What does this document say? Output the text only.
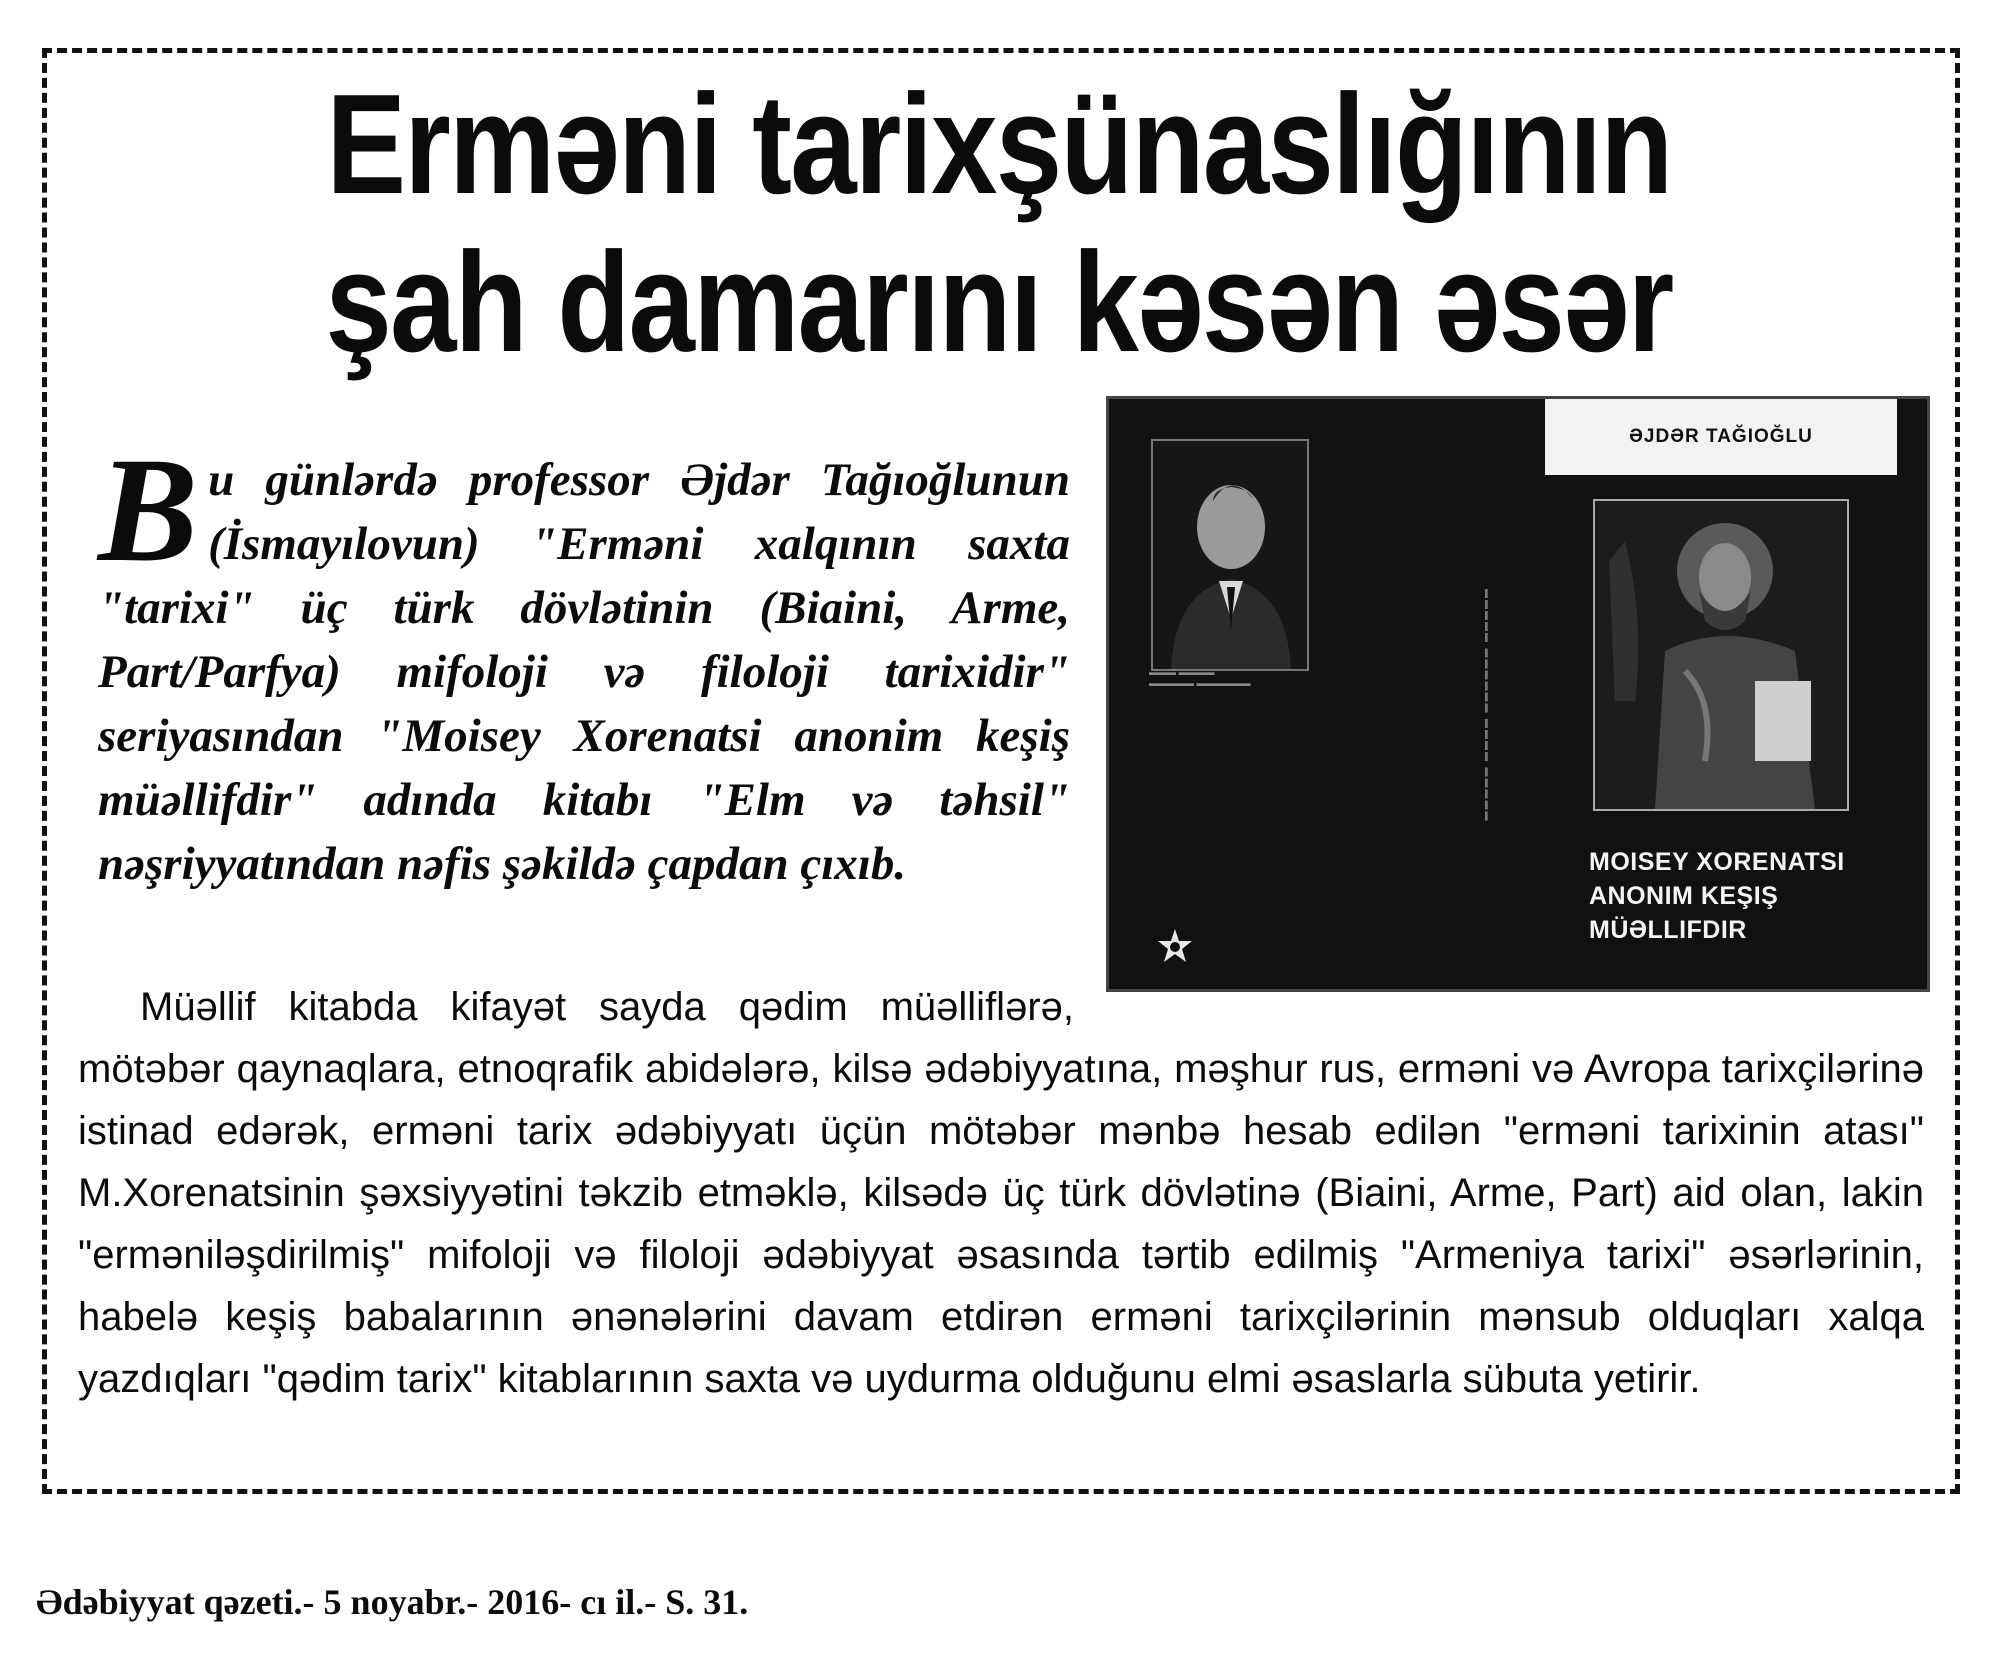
Erməni tarixşünaslığının
şah damarını kəsən əsər

Bu günlərdə professor Əjdər Tağıoğlunun (İsmayılovun) "Erməni xalqının saxta "tarixi" üç türk dövlətinin (Biaini, Arme, Part/Parfya) mifoloji və filoloji tarixidir" seriyasından "Moisey Xorenatsi anonim keşiş müəllifdir" adında kitabı "Elm və təhsil" nəşriyyatından nəfis şəkildə çapdan çıxıb.

▬▬▬ ▬▬▬▬
▬▬▬▬▬ ▬▬▬▬▬▬	▬▬▬▬▬ ▬▬▬▬▬▬ ▬▬▬▬ ▬▬▬▬▬
ƏJDƏR TAĞIOĞLU
MOISEY XORENATSI
ANONIM KEŞIŞ
MÜƏLLIFDIR

Müəllif kitabda kifayət sayda qədim müəlliflərə, mötəbər qaynaqlara, etnoqrafik abidələrə, kilsə ədəbiyyatına, məşhur rus, erməni və Avropa tarixçilərinə istinad edərək, erməni tarix ədəbiyyatı üçün mötəbər mənbə hesab edilən "erməni tarixinin atası" M.Xorenatsinin şəxsiyyətini təkzib etməklə, kilsədə üç türk dövlətinə (Biaini, Arme, Part) aid olan, lakin "erməniləşdirilmiş" mifoloji və filoloji ədəbiyyat əsasında tərtib edilmiş "Armeniya tarixi" əsərlərinin, habelə keşiş babalarının ənənələrini davam etdirən erməni tarixçilərinin mənsub olduqları xalqa yazdıqları "qədim tarix" kitablarının saxta və uydurma olduğunu elmi əsaslarla sübuta yetirir.

Ədəbiyyat qəzeti.- 5 noyabr.- 2016- cı il.- S. 31.
